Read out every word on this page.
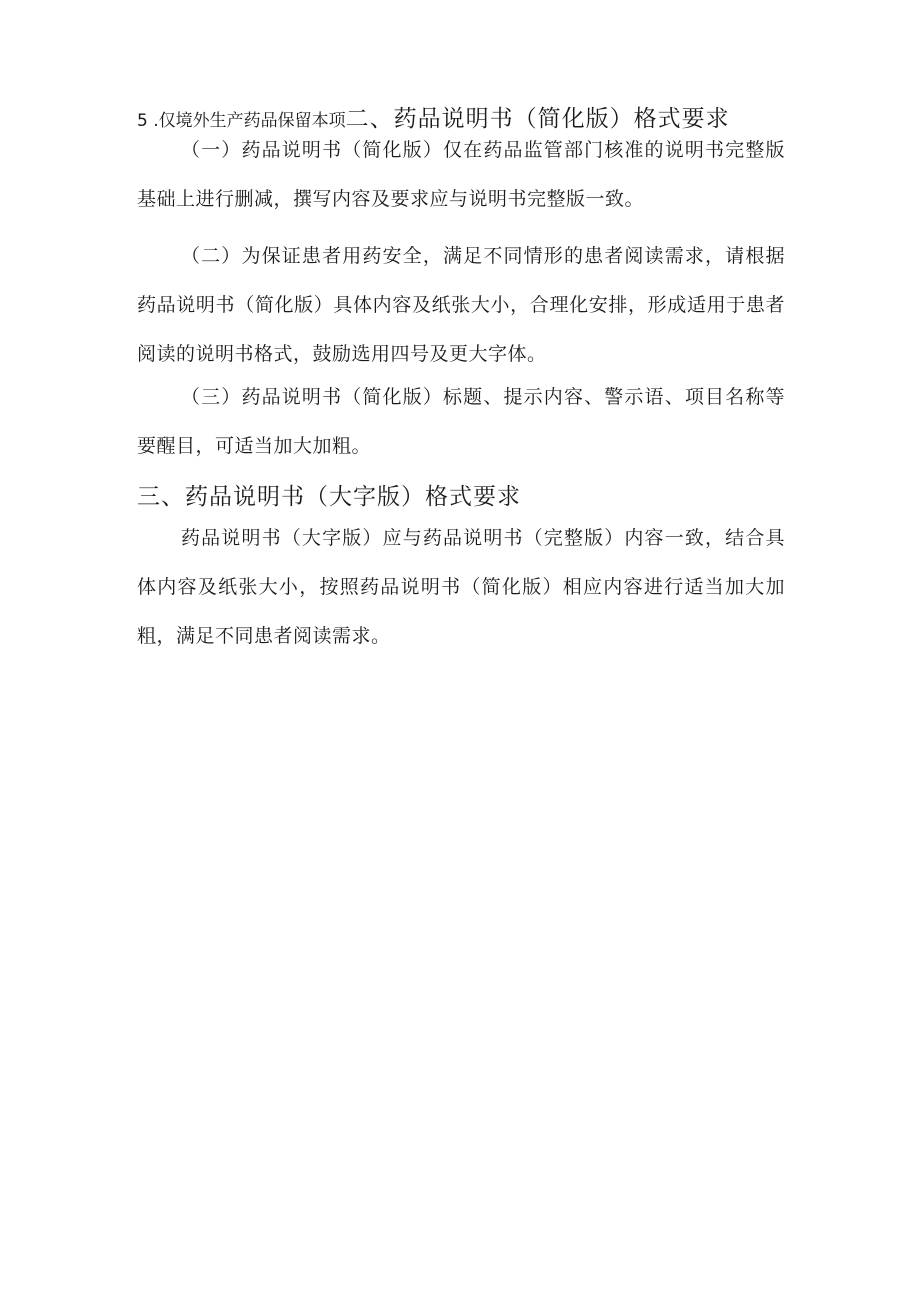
5 .仅境外生产药品保留本项二、药品说明书（简化版）格式要求

（一）药品说明书（简化版）仅在药品监管部门核准的说明书完整版基础上进行删减，撰写内容及要求应与说明书完整版一致。

（二）为保证患者用药安全，满足不同情形的患者阅读需求，请根据药品说明书（简化版）具体内容及纸张大小，合理化安排，形成适用于患者阅读的说明书格式，鼓励选用四号及更大字体。

（三）药品说明书（简化版）标题、提示内容、警示语、项目名称等要醒目，可适当加大加粗。

三、药品说明书（大字版）格式要求

药品说明书（大字版）应与药品说明书（完整版）内容一致，结合具体内容及纸张大小，按照药品说明书（简化版）相应内容进行适当加大加粗，满足不同患者阅读需求。
